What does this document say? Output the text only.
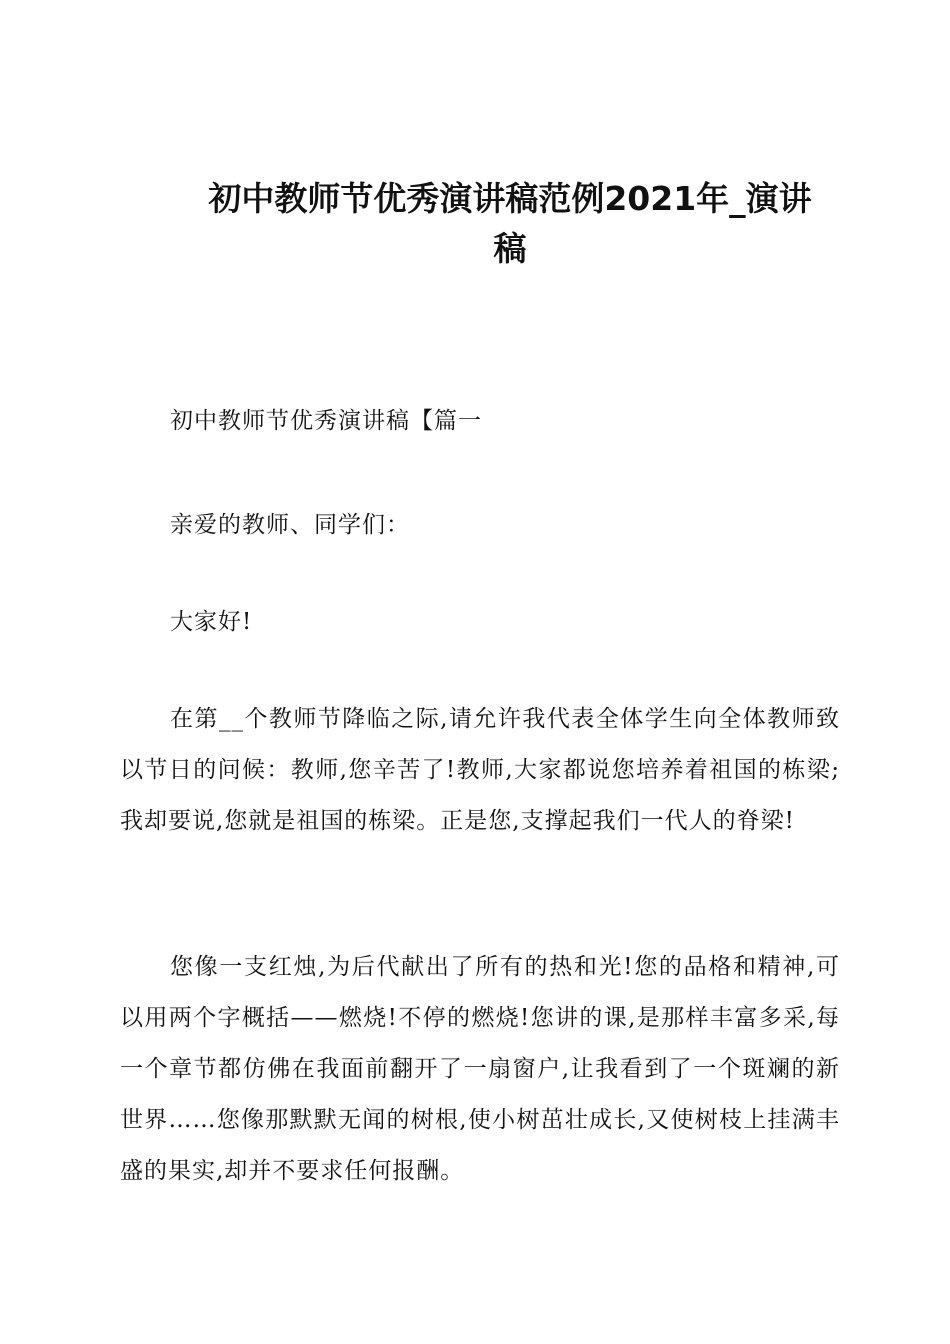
初中教师节优秀演讲稿范例2021年_演讲
稿

初中教师节优秀演讲稿【篇一

亲爱的教师、同学们：

大家好!

在第__个教师节降临之际,请允许我代表全体学生向全体教师致以节日的问候：教师,您辛苦了!教师,大家都说您培养着祖国的栋梁;我却要说,您就是祖国的栋梁。正是您,支撑起我们一代人的脊梁!

您像一支红烛,为后代献出了所有的热和光!您的品格和精神,可以用两个字概括——燃烧!不停的燃烧!您讲的课,是那样丰富多采,每一个章节都仿佛在我面前翻开了一扇窗户,让我看到了一个斑斓的新世界……您像那默默无闻的树根,使小树茁壮成长,又使树枝上挂满丰盛的果实,却并不要求任何报酬。
